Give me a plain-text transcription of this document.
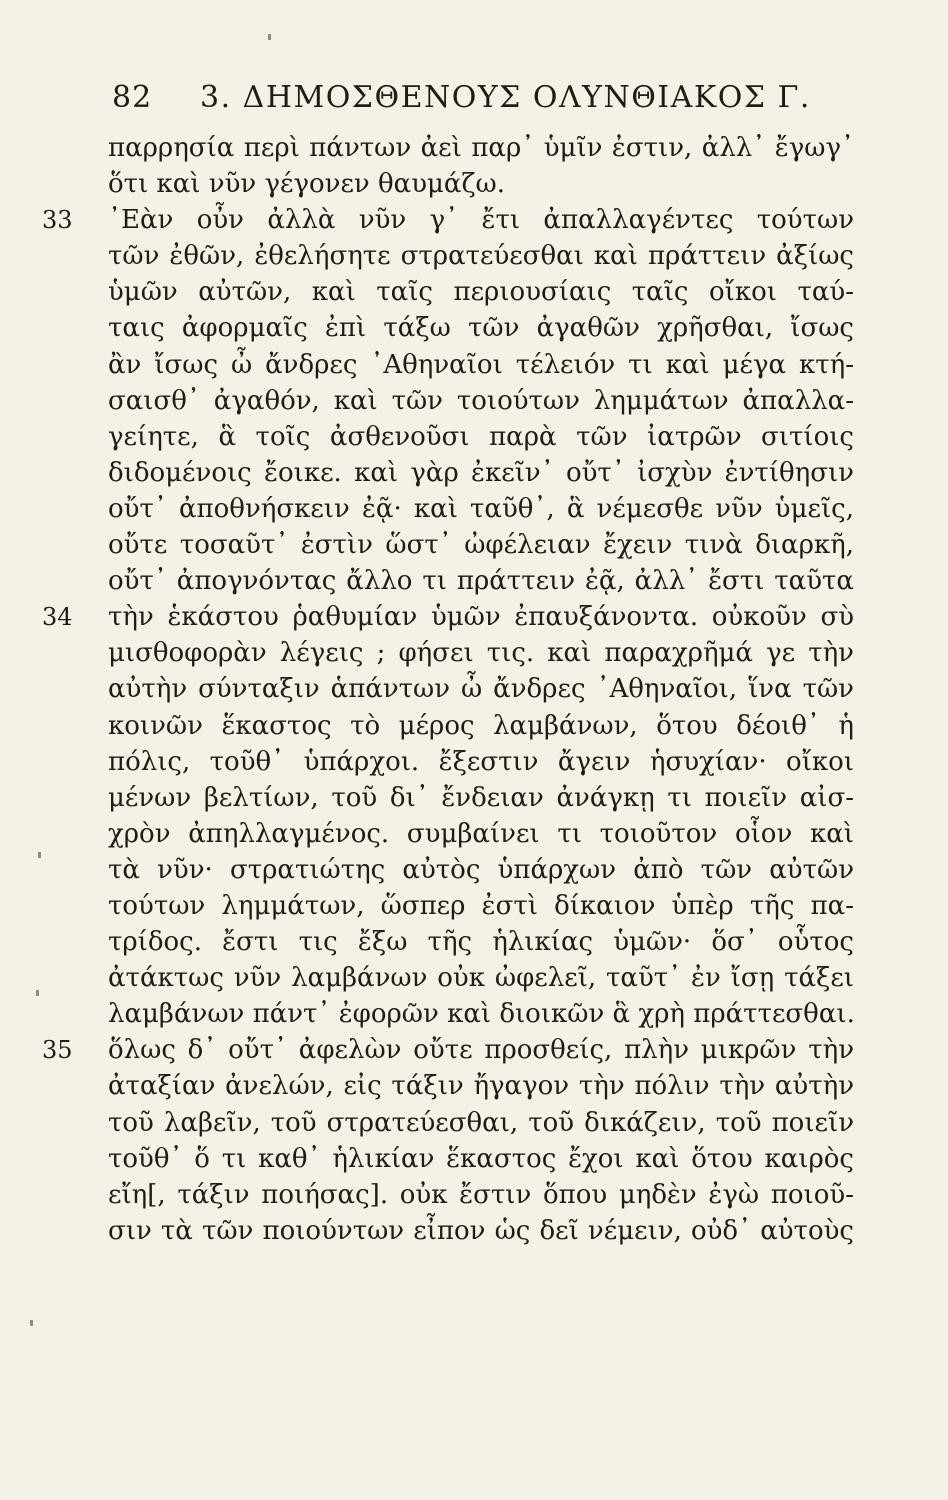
82 3. ΔΗΜΟΣΘΕΝΟΥΣ ΟΛΥΝΘΙΑΚΟΣ Γ.
παρρησία περὶ πάντων ἀεὶ παρ᾽ ὑμῖν ἐστιν, ἀλλ᾽ ἔγωγ᾽
ὅτι καὶ νῦν γέγονεν θαυμάζω.
33	᾽Εὰν οὖν ἀλλὰ νῦν γ᾽ ἔτι ἀπαλλαγέντες τούτων
τῶν ἐθῶν, ἐθελήσητε στρατεύεσθαι καὶ πράττειν ἀξίως
ὑμῶν αὐτῶν, καὶ ταῖς περιουσίαις ταῖς οἴκοι ταύ-
ταις ἀφορμαῖς ἐπὶ τάξω τῶν ἀγαθῶν χρῆσθαι, ἴσως
ἂν ἴσως ὦ ἄνδρες ᾽Αθηναῖοι τέλειόν τι καὶ μέγα κτή-
σαισθ᾽ ἀγαθόν, καὶ τῶν τοιούτων λημμάτων ἀπαλλα-
γείητε, ἃ τοῖς ἀσθενοῦσι παρὰ τῶν ἰατρῶν σιτίοις
διδομένοις ἔοικε. καὶ γὰρ ἐκεῖν᾽ οὔτ᾽ ἰσχὺν ἐντίθησιν
οὔτ᾽ ἀποθνήσκειν ἐᾷ· καὶ ταῦθ᾽, ἃ νέμεσθε νῦν ὑμεῖς,
οὔτε τοσαῦτ᾽ ἐστὶν ὥστ᾽ ὠφέλειαν ἔχειν τινὰ διαρκῆ,
οὔτ᾽ ἀπογνόντας ἄλλο τι πράττειν ἐᾷ, ἀλλ᾽ ἔστι ταῦτα
34	τὴν ἑκάστου ῥαθυμίαν ὑμῶν ἐπαυξάνοντα. οὐκοῦν σὺ
μισθοφορὰν λέγεις ; φήσει τις. καὶ παραχρῆμά γε τὴν
αὐτὴν σύνταξιν ἁπάντων ὦ ἄνδρες ᾽Αθηναῖοι, ἵνα τῶν
κοινῶν ἕκαστος τὸ μέρος λαμβάνων, ὅτου δέοιθ᾽ ἡ
πόλις, τοῦθ᾽ ὑπάρχοι. ἔξεστιν ἄγειν ἡσυχίαν· οἴκοι
μένων βελτίων, τοῦ δι᾽ ἔνδειαν ἀνάγκῃ τι ποιεῖν αἰσ-
χρὸν ἀπηλλαγμένος. συμβαίνει τι τοιοῦτον οἷον καὶ
τὰ νῦν· στρατιώτης αὐτὸς ὑπάρχων ἀπὸ τῶν αὐτῶν
τούτων λημμάτων, ὥσπερ ἐστὶ δίκαιον ὑπὲρ τῆς πα-
τρίδος. ἔστι τις ἔξω τῆς ἡλικίας ὑμῶν· ὅσ᾽ οὗτος
ἀτάκτως νῦν λαμβάνων οὐκ ὠφελεῖ, ταῦτ᾽ ἐν ἴσῃ τάξει
λαμβάνων πάντ᾽ ἐφορῶν καὶ διοικῶν ἃ χρὴ πράττεσθαι.
35	ὅλως δ᾽ οὔτ᾽ ἀφελὼν οὔτε προσθείς, πλὴν μικρῶν τὴν
ἀταξίαν ἀνελών, εἰς τάξιν ἤγαγον τὴν πόλιν τὴν αὐτὴν
τοῦ λαβεῖν, τοῦ στρατεύεσθαι, τοῦ δικάζειν, τοῦ ποιεῖν
τοῦθ᾽ ὅ τι καθ᾽ ἡλικίαν ἕκαστος ἔχοι καὶ ὅτου καιρὸς
εἴη[, τάξιν ποιήσας]. οὐκ ἔστιν ὅπου μηδὲν ἐγὼ ποιοῦ-
σιν τὰ τῶν ποιούντων εἶπον ὡς δεῖ νέμειν, οὐδ᾽ αὐτοὺς
